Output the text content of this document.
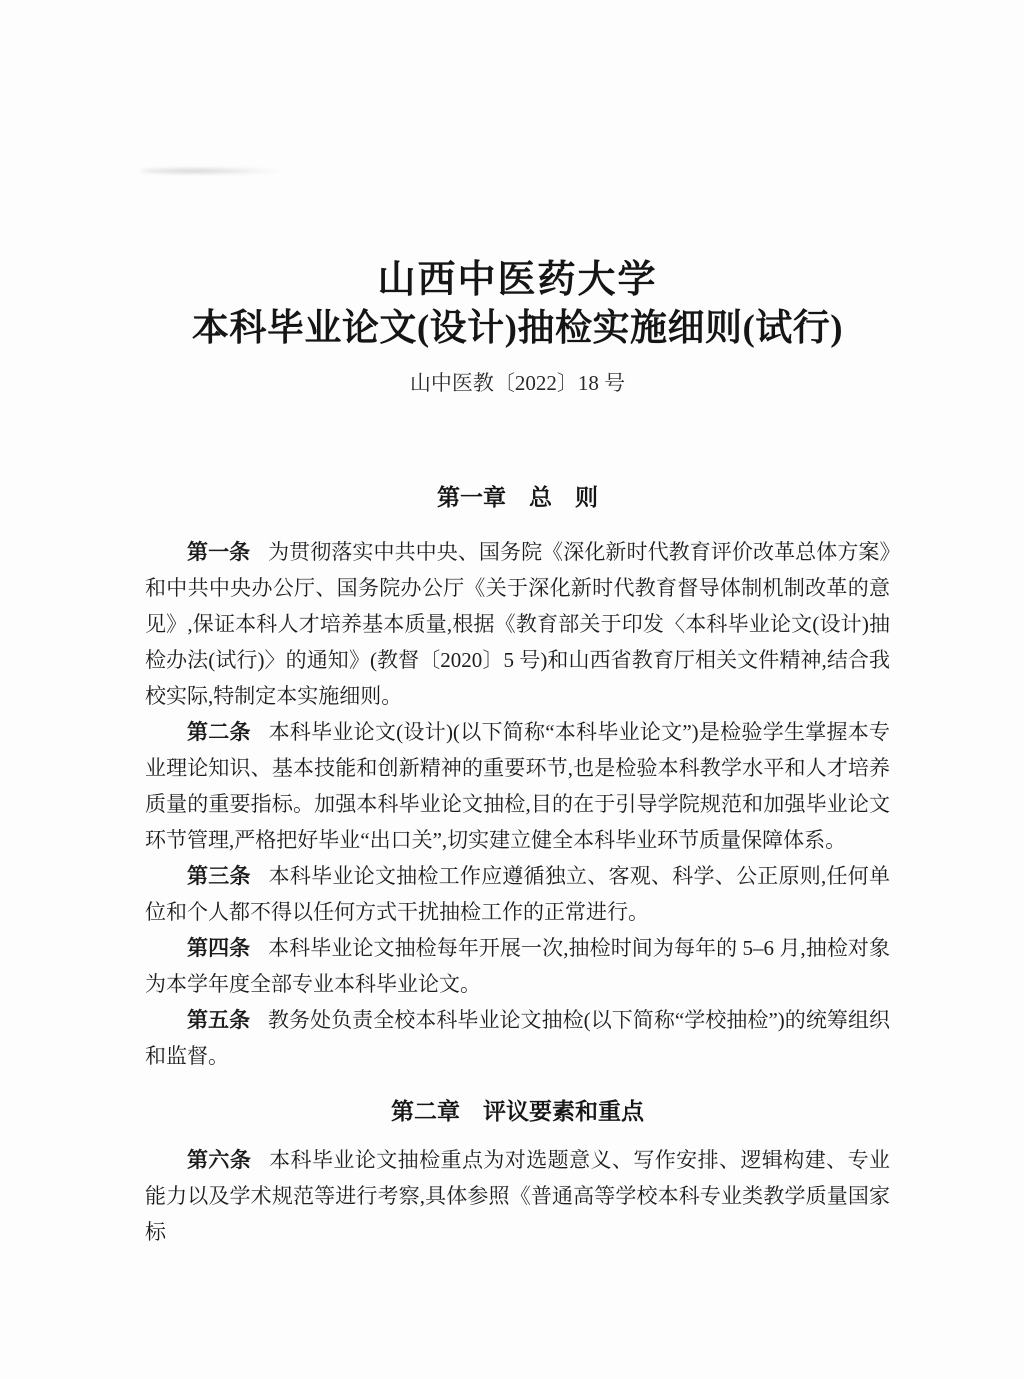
山西中医药大学
本科毕业论文(设计)抽检实施细则(试行)

山中医教〔2022〕18 号

第一章　总　则

第一条 为贯彻落实中共中央、国务院《深化新时代教育评价改革总体方案》和中共中央办公厅、国务院办公厅《关于深化新时代教育督导体制机制改革的意见》,保证本科人才培养基本质量,根据《教育部关于印发〈本科毕业论文(设计)抽检办法(试行)〉的通知》(教督〔2020〕5 号)和山西省教育厅相关文件精神,结合我校实际,特制定本实施细则。

第二条 本科毕业论文(设计)(以下简称“本科毕业论文”)是检验学生掌握本专业理论知识、基本技能和创新精神的重要环节,也是检验本科教学水平和人才培养质量的重要指标。加强本科毕业论文抽检,目的在于引导学院规范和加强毕业论文环节管理,严格把好毕业“出口关”,切实建立健全本科毕业环节质量保障体系。

第三条 本科毕业论文抽检工作应遵循独立、客观、科学、公正原则,任何单位和个人都不得以任何方式干扰抽检工作的正常进行。

第四条 本科毕业论文抽检每年开展一次,抽检时间为每年的 5–6 月,抽检对象为本学年度全部专业本科毕业论文。

第五条 教务处负责全校本科毕业论文抽检(以下简称“学校抽检”)的统筹组织和监督。

第二章　评议要素和重点

第六条 本科毕业论文抽检重点为对选题意义、写作安排、逻辑构建、专业能力以及学术规范等进行考察,具体参照《普通高等学校本科专业类教学质量国家标
